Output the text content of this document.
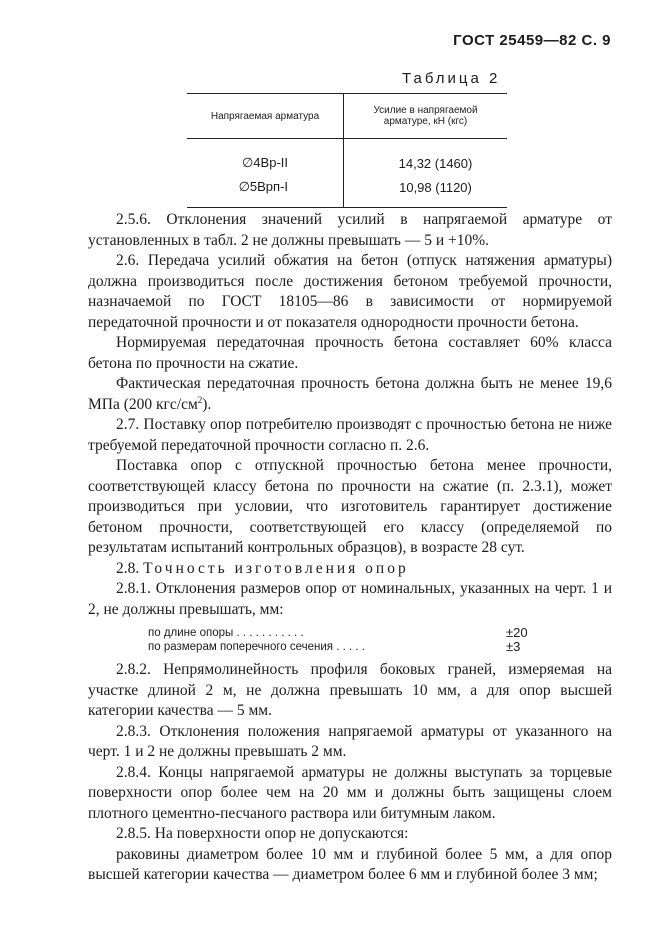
ГОСТ 25459—82 С. 9
Таблица 2
Напрягаемая арматура	Усилие в напрягаемой
арматуре, кН (кгс)
∅4Вр-II	14,32 (1460)
∅5Врп-I	10,98 (1120)

2.5.6. Отклонения значений усилий в напрягаемой арматуре от установленных в табл. 2 не должны превышать — 5 и +10%.

2.6. Передача усилий обжатия на бетон (отпуск натяжения арматуры) должна производиться после достижения бетоном требуемой прочности, назначаемой по ГОСТ 18105—86 в зависимости от нормируемой передаточной прочности и от показателя однородности прочности бетона.

Нормируемая передаточная прочность бетона составляет 60% класса бетона по прочности на сжатие.

Фактическая передаточная прочность бетона должна быть не менее 19,6 МПа (200 кгс/$см^2$).

2.7. Поставку опор потребителю производят с прочностью бетона не ниже требуемой передаточной прочности согласно п. 2.6.

Поставка опор с отпускной прочностью бетона менее прочности, соответствующей классу бетона по прочности на сжатие (п. 2.3.1), может производиться при условии, что изготовитель гарантирует достижение бетоном прочности, соответствующей его классу (определяемой по результатам испытаний контрольных образцов), в возрасте 28 сут.

2.8. Точность изготовления опор

2.8.1. Отклонения размеров опор от номинальных, указанных на черт. 1 и 2, не должны превышать, мм:

по длине опоры . . . . . . . . . . .	±20
по размерам поперечного сечения . . . . .	±3

2.8.2. Непрямолинейность профиля боковых граней, измеряемая на участке длиной 2 м, не должна превышать 10 мм, а для опор высшей категории качества — 5 мм.

2.8.3. Отклонения положения напрягаемой арматуры от указанного на черт. 1 и 2 не должны превышать 2 мм.

2.8.4. Концы напрягаемой арматуры не должны выступать за торцевые поверхности опор более чем на 20 мм и должны быть защищены слоем плотного цементно-песчаного раствора или битумным лаком.

2.8.5. На поверхности опор не допускаются:

раковины диаметром более 10 мм и глубиной более 5 мм, а для опор высшей категории качества — диаметром более 6 мм и глубиной более 3 мм;
